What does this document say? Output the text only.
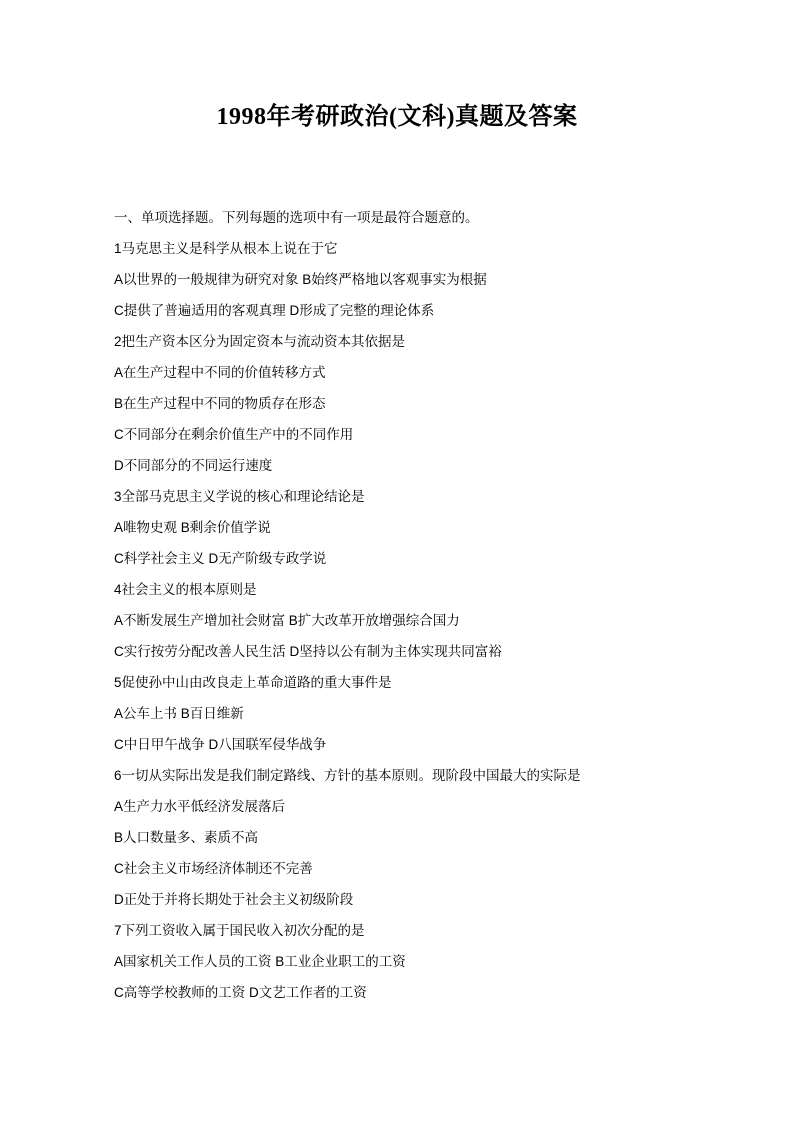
1998年考研政治(文科)真题及答案
一、单项选择题。下列每题的选项中有一项是最符合题意的。
1马克思主义是科学从根本上说在于它
A以世界的一般规律为研究对象 B始终严格地以客观事实为根据
C提供了普遍适用的客观真理 D形成了完整的理论体系
2把生产资本区分为固定资本与流动资本其依据是
A在生产过程中不同的价值转移方式
B在生产过程中不同的物质存在形态
C不同部分在剩余价值生产中的不同作用
D不同部分的不同运行速度
3全部马克思主义学说的核心和理论结论是
A唯物史观 B剩余价值学说
C科学社会主义 D无产阶级专政学说
4社会主义的根本原则是
A不断发展生产增加社会财富 B扩大改革开放增强综合国力
C实行按劳分配改善人民生活 D坚持以公有制为主体实现共同富裕
5促使孙中山由改良走上革命道路的重大事件是
A公车上书 B百日维新
C中日甲午战争 D八国联军侵华战争
6一切从实际出发是我们制定路线、方针的基本原则。现阶段中国最大的实际是
A生产力水平低经济发展落后
B人口数量多、素质不高
C社会主义市场经济体制还不完善
D正处于并将长期处于社会主义初级阶段
7下列工资收入属于国民收入初次分配的是
A国家机关工作人员的工资 B工业企业职工的工资
C高等学校教师的工资 D文艺工作者的工资
